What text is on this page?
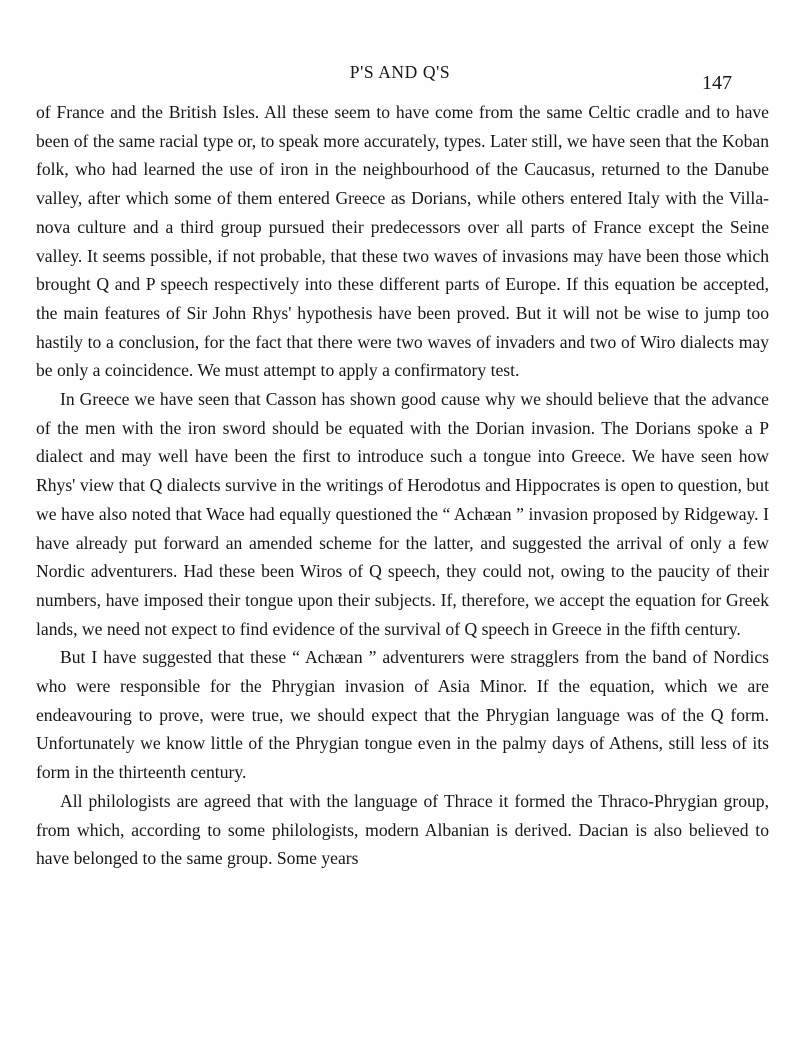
P'S AND Q'S	147

of France and the British Isles. All these seem to have come from the same Celtic cradle and to have been of the same racial type or, to speak more accurately, types. Later still, we have seen that the Koban folk, who had learned the use of iron in the neighbourhood of the Caucasus, returned to the Danube valley, after which some of them entered Greece as Dorians, while others entered Italy with the Villa-nova culture and a third group pursued their predecessors over all parts of France except the Seine valley. It seems possible, if not probable, that these two waves of invasions may have been those which brought Q and P speech respectively into these different parts of Europe. If this equation be accepted, the main features of Sir John Rhys' hypothesis have been proved. But it will not be wise to jump too hastily to a conclusion, for the fact that there were two waves of invaders and two of Wiro dialects may be only a coincidence. We must attempt to apply a confirmatory test.

In Greece we have seen that Casson has shown good cause why we should believe that the advance of the men with the iron sword should be equated with the Dorian invasion. The Dorians spoke a P dialect and may well have been the first to introduce such a tongue into Greece. We have seen how Rhys' view that Q dialects survive in the writings of Herodotus and Hippocrates is open to question, but we have also noted that Wace had equally questioned the “ Achæan ” invasion proposed by Ridgeway. I have already put forward an amended scheme for the latter, and suggested the arrival of only a few Nordic adventurers. Had these been Wiros of Q speech, they could not, owing to the paucity of their numbers, have imposed their tongue upon their subjects. If, therefore, we accept the equation for Greek lands, we need not expect to find evidence of the survival of Q speech in Greece in the fifth century.

But I have suggested that these “ Achæan ” adventurers were stragglers from the band of Nordics who were responsible for the Phrygian invasion of Asia Minor. If the equation, which we are endeavouring to prove, were true, we should expect that the Phrygian language was of the Q form. Unfortunately we know little of the Phrygian tongue even in the palmy days of Athens, still less of its form in the thirteenth century.

All philologists are agreed that with the language of Thrace it formed the Thraco-Phrygian group, from which, according to some philologists, modern Albanian is derived. Dacian is also believed to have belonged to the same group. Some years
